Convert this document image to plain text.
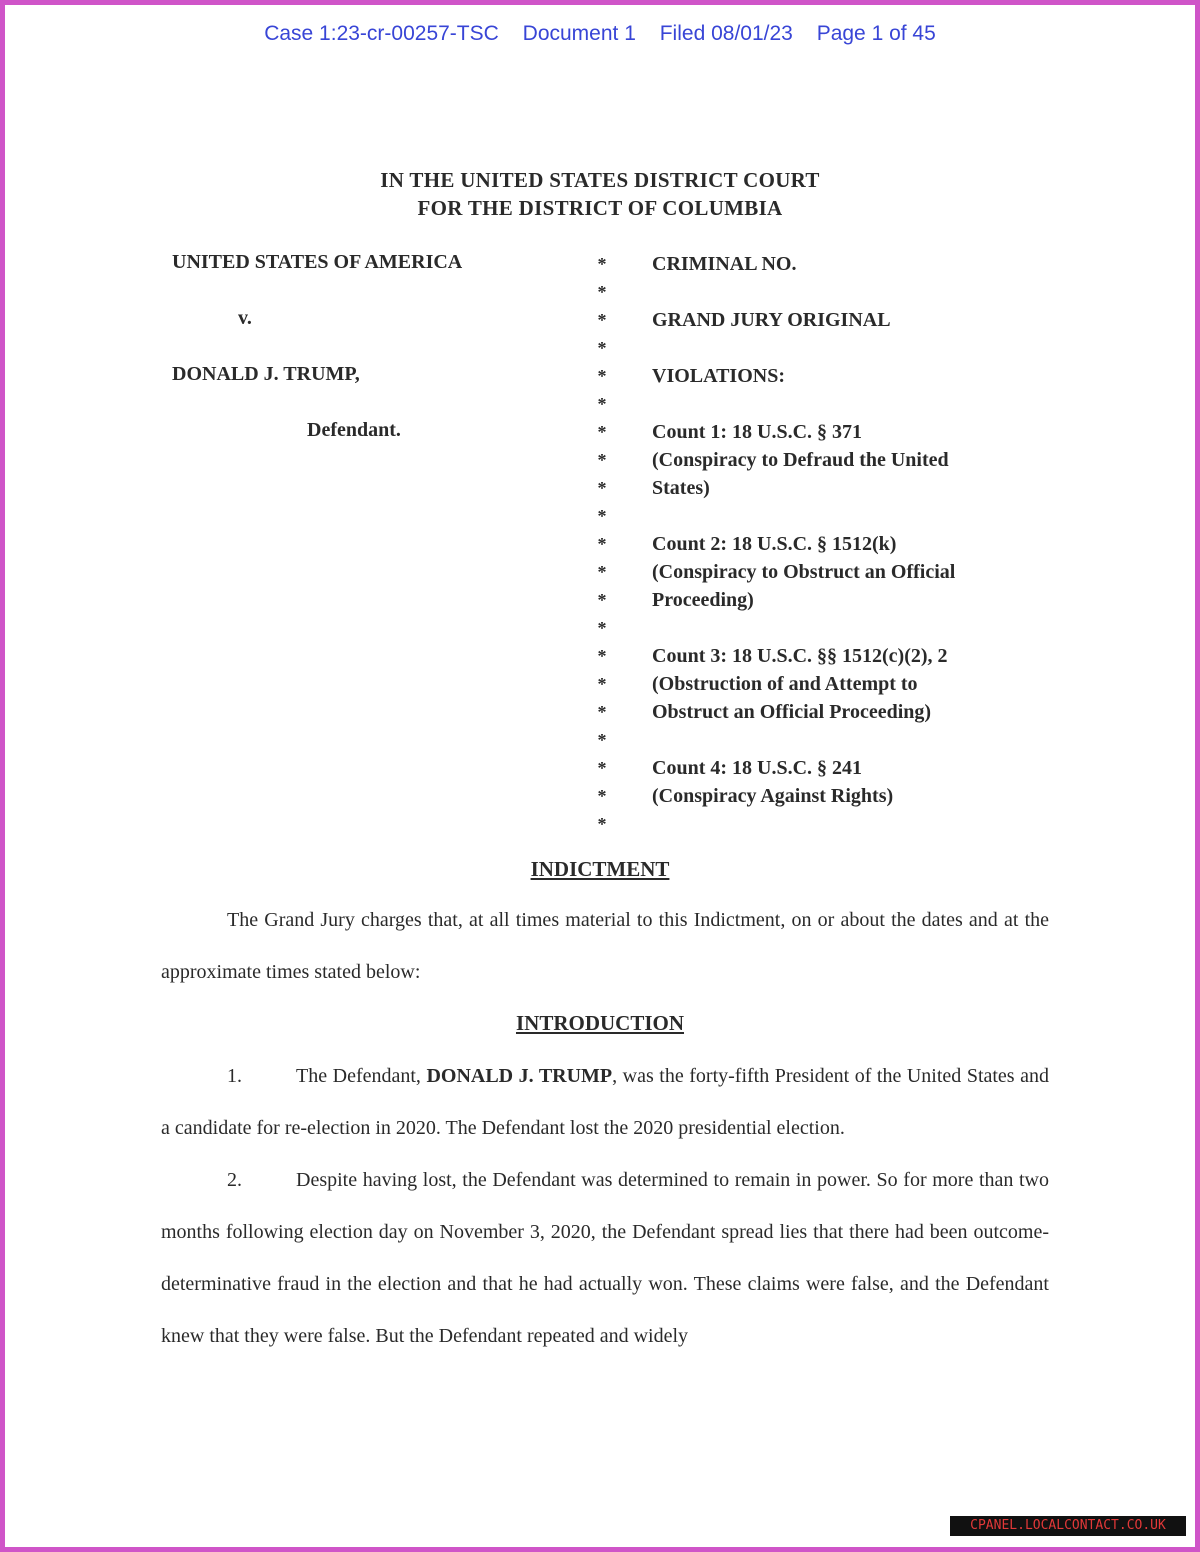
Case 1:23-cr-00257-TSC Document 1 Filed 08/01/23 Page 1 of 45
IN THE UNITED STATES DISTRICT COURT
FOR THE DISTRICT OF COLUMBIA
UNITED STATES OF AMERICA
v.
DONALD J. TRUMP,
Defendant.
*
*
*
*
*
*
*
*
*
*
*
*
*
*
*
*
*
*
*
*
*
CRIMINAL NO.
GRAND JURY ORIGINAL
VIOLATIONS:
Count 1: 18 U.S.C. § 371
(Conspiracy to Defraud the United
States)
Count 2: 18 U.S.C. § 1512(k)
(Conspiracy to Obstruct an Official
Proceeding)
Count 3: 18 U.S.C. §§ 1512(c)(2), 2
(Obstruction of and Attempt to
Obstruct an Official Proceeding)
Count 4: 18 U.S.C. § 241
(Conspiracy Against Rights)
INDICTMENT
The Grand Jury charges that, at all times material to this Indictment, on or about the dates and at the approximate times stated below:
INTRODUCTION
1.	The Defendant, DONALD J. TRUMP, was the forty-fifth President of the United States and a candidate for re-election in 2020. The Defendant lost the 2020 presidential election.
2.	Despite having lost, the Defendant was determined to remain in power. So for more than two months following election day on November 3, 2020, the Defendant spread lies that there had been outcome-determinative fraud in the election and that he had actually won. These claims were false, and the Defendant knew that they were false. But the Defendant repeated and widely
CPANEL.LOCALCONTACT.CO.UK
